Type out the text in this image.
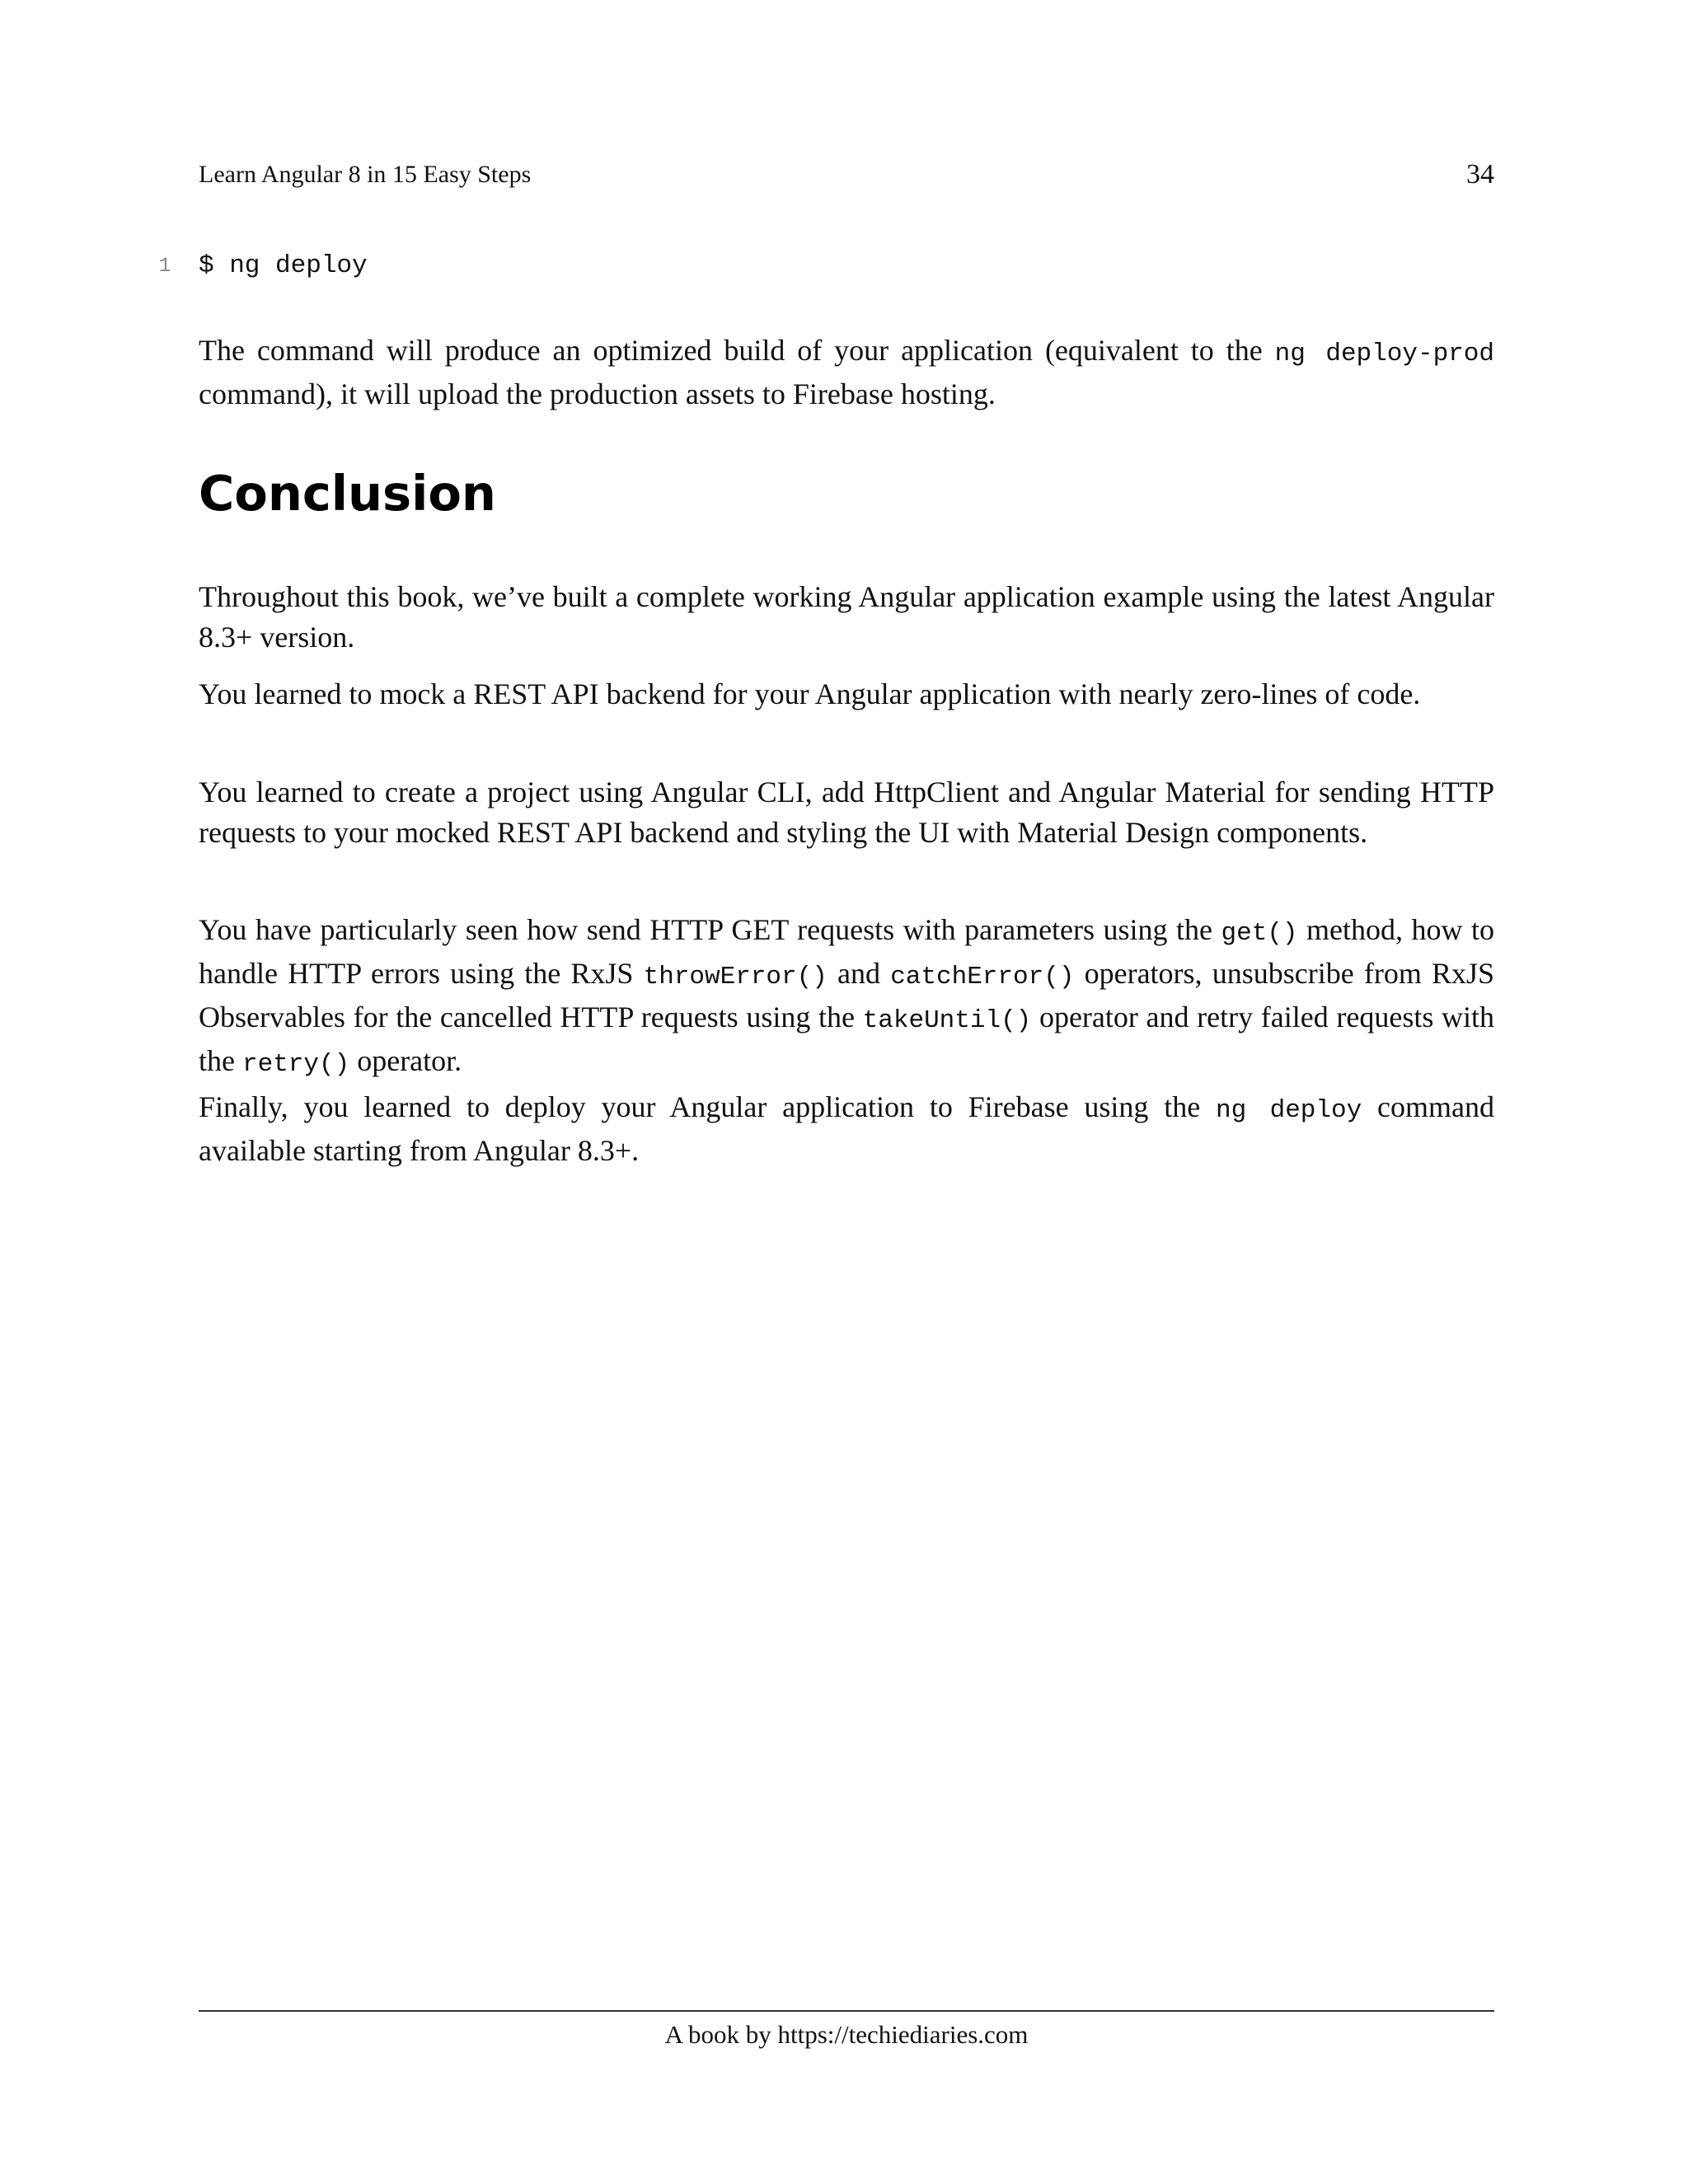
Learn Angular 8 in 15 Easy Steps	34
1	$ ng deploy

The command will produce an optimized build of your application (equivalent to the ng deploy-prod command), it will upload the production assets to Firebase hosting.

Conclusion

Throughout this book, we’ve built a complete working Angular application example using the latest Angular 8.3+ version.

You learned to mock a REST API backend for your Angular application with nearly zero-lines of code.

You learned to create a project using Angular CLI, add HttpClient and Angular Material for sending HTTP requests to your mocked REST API backend and styling the UI with Material Design components.

You have particularly seen how send HTTP GET requests with parameters using the get() method, how to handle HTTP errors using the RxJS throwError() and catchError() operators, unsubscribe from RxJS Observables for the cancelled HTTP requests using the takeUntil() operator and retry failed requests with the retry() operator.

Finally, you learned to deploy your Angular application to Firebase using the ng deploy command available starting from Angular 8.3+.

A book by https://techiediaries.com
